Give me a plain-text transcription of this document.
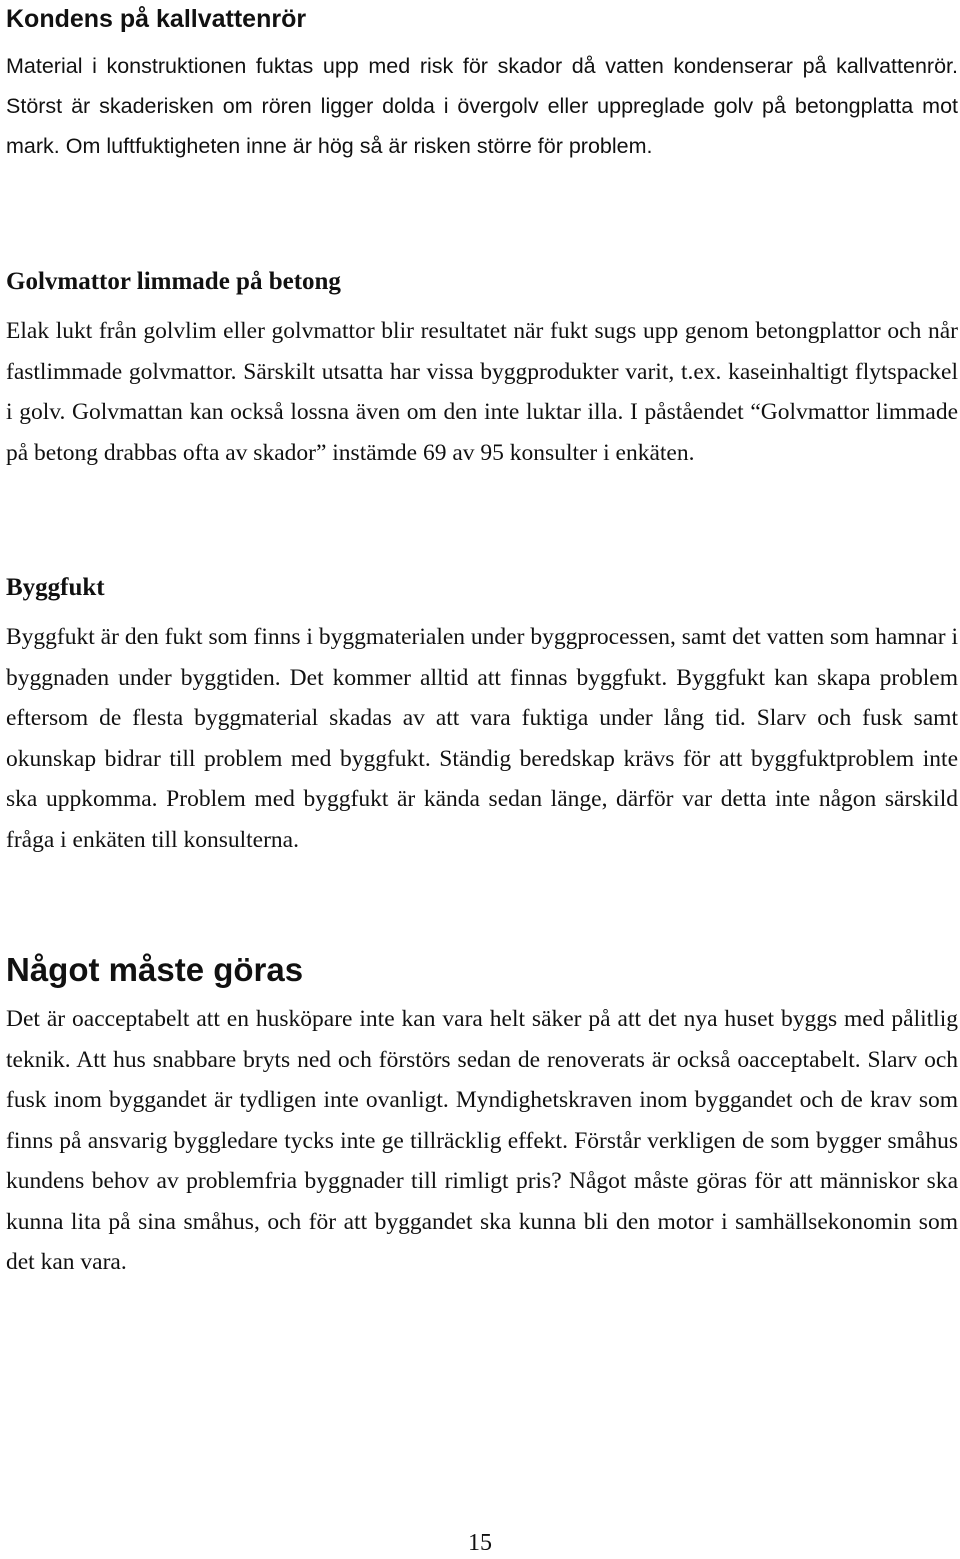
Kondens på kallvattenrör

Material i konstruktionen fuktas upp med risk för skador då vatten kondenserar på kallvattenrör. Störst är skaderisken om rören ligger dolda i övergolv eller uppreglade golv på betongplatta mot mark. Om luftfuktigheten inne är hög så är risken större för problem.

Golvmattor limmade på betong

Elak lukt från golvlim eller golvmattor blir resultatet när fukt sugs upp genom betongplattor och når fastlimmade golvmattor. Särskilt utsatta har vissa byggprodukter varit, t.ex. kaseinhaltigt flytspackel i golv. Golvmattan kan också lossna även om den inte luktar illa. I påståendet “Golvmattor limmade på betong drabbas ofta av skador” instämde 69 av 95 konsulter i enkäten.

Byggfukt

Byggfukt är den fukt som finns i byggmaterialen under byggprocessen, samt det vatten som hamnar i byggnaden under byggtiden. Det kommer alltid att finnas byggfukt. Byggfukt kan skapa problem eftersom de flesta byggmaterial skadas av att vara fuktiga under lång tid. Slarv och fusk samt okunskap bidrar till problem med byggfukt. Ständig beredskap krävs för att byggfuktproblem inte ska uppkomma. Problem med byggfukt är kända sedan länge, därför var detta inte någon särskild fråga i enkäten till konsulterna.

Något måste göras

Det är oacceptabelt att en husköpare inte kan vara helt säker på att det nya huset byggs med pålitlig teknik. Att hus snabbare bryts ned och förstörs sedan de renoverats är också oacceptabelt. Slarv och fusk inom byggandet är tydligen inte ovanligt. Myndighetskraven inom byggandet och de krav som finns på ansvarig byggledare tycks inte ge tillräcklig effekt. Förstår verkligen de som bygger småhus kundens behov av problemfria byggnader till rimligt pris? Något måste göras för att människor ska kunna lita på sina småhus, och för att byggandet ska kunna bli den motor i samhällsekonomin som det kan vara.

15
